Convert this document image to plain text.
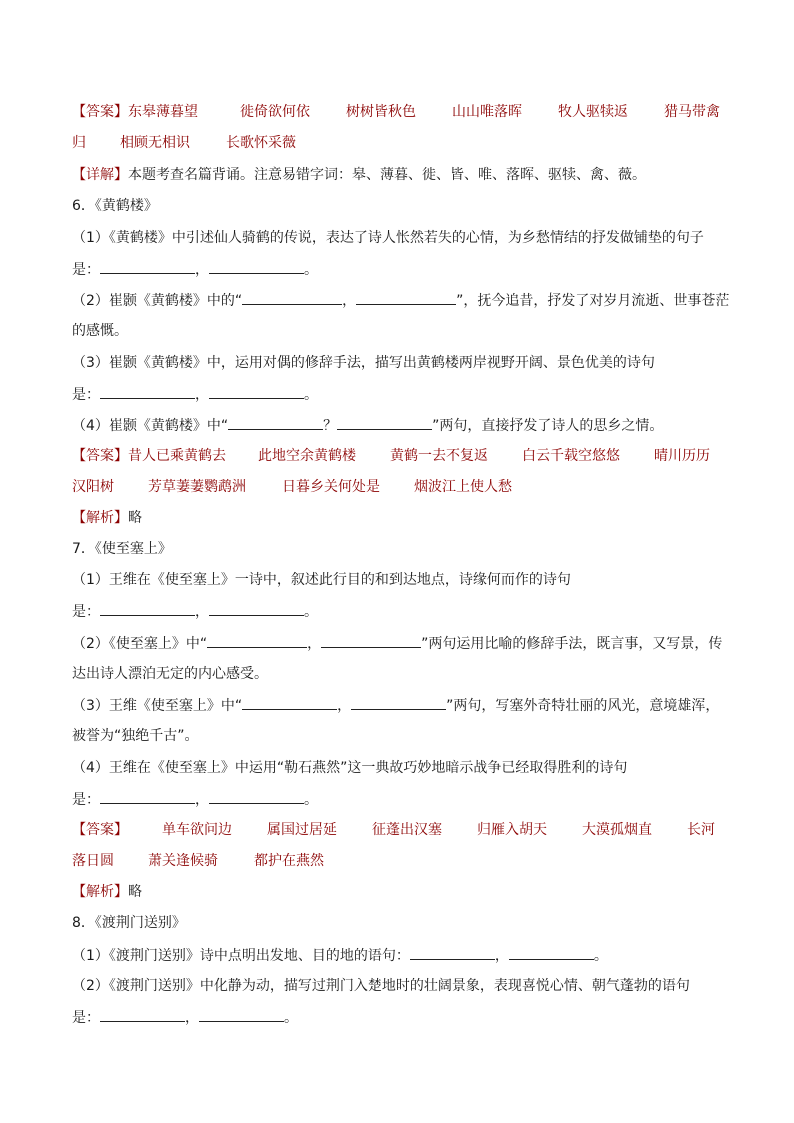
【答案】东皋薄暮望	徙倚欲何依	树树皆秋色	山山唯落晖	牧人驱犊返	猎马带禽
归 相顾无相识	长歌怀采薇
【详解】本题考查名篇背诵。注意易错字词：皋、薄暮、徙、皆、唯、落晖、驱犊、禽、薇。
6．《黄鹤楼》
（1）《黄鹤楼》中引述仙人骑鹤的传说，表达了诗人怅然若失的心情，为乡愁情结的抒发做铺垫的句子
是：	，	。
（2）崔颢《黄鹤楼》中的“	，	”，抚今追昔，抒发了对岁月流逝、世事苍茫
的感慨。
（3）崔颢《黄鹤楼》中，运用对偶的修辞手法，描写出黄鹤楼两岸视野开阔、景色优美的诗句
是：	，	。
（4）崔颢《黄鹤楼》中“	？	”两句，直接抒发了诗人的思乡之情。
【答案】昔人已乘黄鹤去 此地空余黄鹤楼 黄鹤一去不复返 白云千载空悠悠 晴川历历
汉阳树 芳草萋萋鹦鹉洲	日暮乡关何处是 烟波江上使人愁
【解析】略
7．《使至塞上》
（1）王维在《使至塞上》一诗中，叙述此行目的和到达地点，诗缘何而作的诗句
是：	，	。
（2）《使至塞上》中“	，	”两句运用比喻的修辞手法，既言事，又写景，传
达出诗人漂泊无定的内心感受。
（3）王维《使至塞上》中“	，	”两句，写塞外奇特壮丽的风光，意境雄浑，
被誉为“独绝千古”。
（4）王维在《使至塞上》中运用“勒石燕然”这一典故巧妙地暗示战争已经取得胜利的诗句
是：	，	。
【答案】 单车欲问边	属国过居延	征蓬出汉塞	归雁入胡天	大漠孤烟直	长河
落日圆 萧关逢候骑	都护在燕然
【解析】略
8．《渡荆门送别》
（1）《渡荆门送别》诗中点明出发地、目的地的语句：	，	。
（2）《渡荆门送别》中化静为动，描写过荆门入楚地时的壮阔景象，表现喜悦心情、朝气蓬勃的语句
是：	，	。
